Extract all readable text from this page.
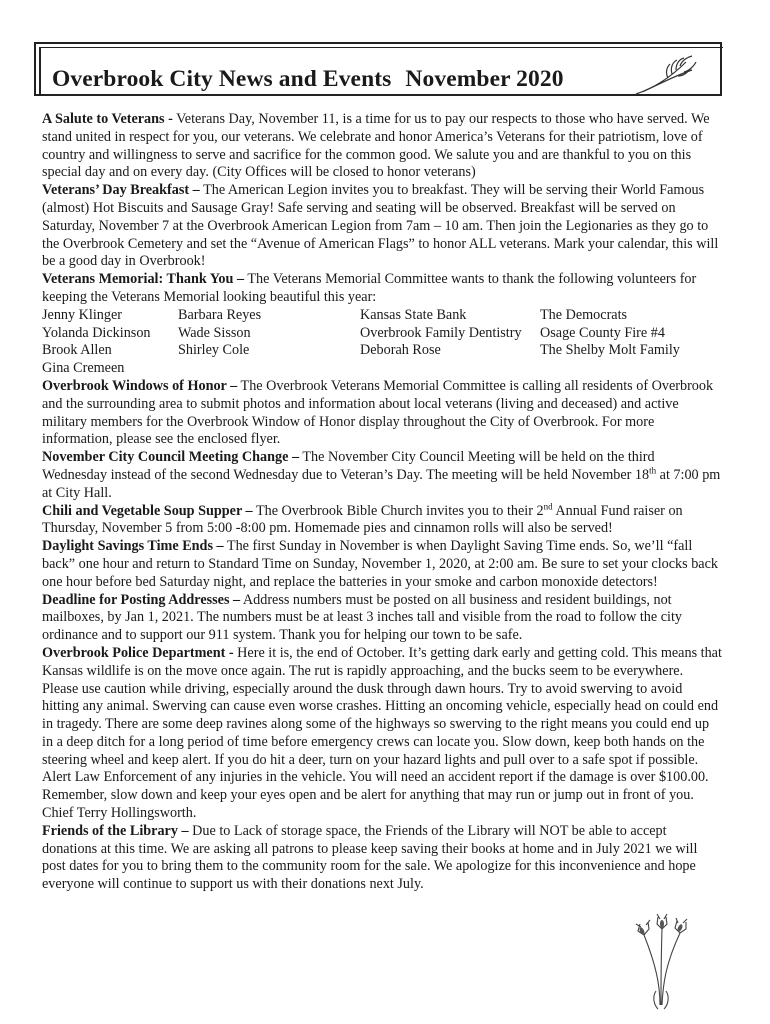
Overbrook City News and Events November 2020

A Salute to Veterans - Veterans Day, November 11, is a time for us to pay our respects to those who have served. We stand united in respect for you, our veterans. We celebrate and honor America’s Veterans for their patriotism, love of country and willingness to serve and sacrifice for the common good. We salute you and are thankful to you on this special day and on every day. (City Offices will be closed to honor veterans)

Veterans’ Day Breakfast – The American Legion invites you to breakfast. They will be serving their World Famous (almost) Hot Biscuits and Sausage Gray! Safe serving and seating will be observed. Breakfast will be served on Saturday, November 7 at the Overbrook American Legion from 7am – 10 am. Then join the Legionaries as they go to the Overbrook Cemetery and set the “Avenue of American Flags” to honor ALL veterans. Mark your calendar, this will be a good day in Overbrook!

Veterans Memorial: Thank You – The Veterans Memorial Committee wants to thank the following volunteers for keeping the Veterans Memorial looking beautiful this year:

Jenny Klinger	Barbara Reyes	Kansas State Bank	The Democrats
Yolanda Dickinson	Wade Sisson	Overbrook Family Dentistry	Osage County Fire #4
Brook Allen	Shirley Cole	Deborah Rose	The Shelby Molt Family
Gina Cremeen

Overbrook Windows of Honor – The Overbrook Veterans Memorial Committee is calling all residents of Overbrook and the surrounding area to submit photos and information about local veterans (living and deceased) and active military members for the Overbrook Window of Honor display throughout the City of Overbrook. For more information, please see the enclosed flyer.

November City Council Meeting Change – The November City Council Meeting will be held on the third Wednesday instead of the second Wednesday due to Veteran’s Day. The meeting will be held November 18th at 7:00 pm at City Hall.

Chili and Vegetable Soup Supper – The Overbrook Bible Church invites you to their 2nd Annual Fund raiser on Thursday, November 5 from 5:00 -8:00 pm. Homemade pies and cinnamon rolls will also be served!

Daylight Savings Time Ends – The first Sunday in November is when Daylight Saving Time ends. So, we’ll “fall back” one hour and return to Standard Time on Sunday, November 1, 2020, at 2:00 am. Be sure to set your clocks back one hour before bed Saturday night, and replace the batteries in your smoke and carbon monoxide detectors!

Deadline for Posting Addresses – Address numbers must be posted on all business and resident buildings, not mailboxes, by Jan 1, 2021. The numbers must be at least 3 inches tall and visible from the road to follow the city ordinance and to support our 911 system. Thank you for helping our town to be safe.

Overbrook Police Department - Here it is, the end of October. It’s getting dark early and getting cold. This means that Kansas wildlife is on the move once again. The rut is rapidly approaching, and the bucks seem to be everywhere. Please use caution while driving, especially around the dusk through dawn hours. Try to avoid swerving to avoid hitting any animal. Swerving can cause even worse crashes. Hitting an oncoming vehicle, especially head on could end in tragedy. There are some deep ravines along some of the highways so swerving to the right means you could end up in a deep ditch for a long period of time before emergency crews can locate you. Slow down, keep both hands on the steering wheel and keep alert. If you do hit a deer, turn on your hazard lights and pull over to a safe spot if possible. Alert Law Enforcement of any injuries in the vehicle. You will need an accident report if the damage is over $100.00. Remember, slow down and keep your eyes open and be alert for anything that may run or jump out in front of you. Chief Terry Hollingsworth.

Friends of the Library – Due to Lack of storage space, the Friends of the Library will NOT be able to accept donations at this time. We are asking all patrons to please keep saving their books at home and in July 2021 we will post dates for you to bring them to the community room for the sale. We apologize for this inconvenience and hope everyone will continue to support us with their donations next July.
